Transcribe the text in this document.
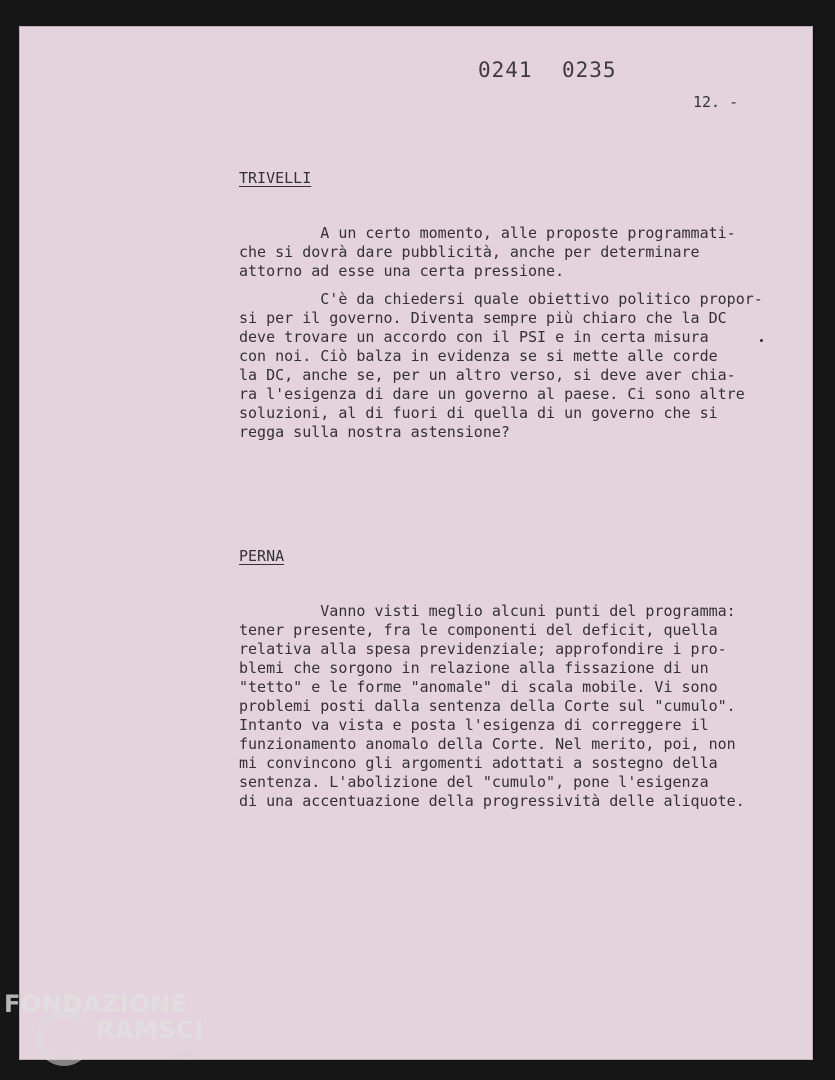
0241 0235
12. -
TRIVELLI
A un certo momento, alle proposte programmati-
che si dovrà dare pubblicità, anche per determinare
attorno ad esse una certa pressione.
C'è da chiedersi quale obiettivo politico propor-
si per il governo. Diventa sempre più chiaro che la DC
deve trovare un accordo con il PSI e in certa misura
con noi. Ciò balza in evidenza se si mette alle corde
la DC, anche se, per un altro verso, si deve aver chia-
ra l'esigenza di dare un governo al paese. Ci sono altre
soluzioni, al di fuori di quella di un governo che si
regga sulla nostra astensione?
PERNA
Vanno visti meglio alcuni punti del programma:
tener presente, fra le componenti del deficit, quella
relativa alla spesa previdenziale; approfondire i pro-
blemi che sorgono in relazione alla fissazione di un
"tetto" e le forme "anomale" di scala mobile. Vi sono
problemi posti dalla sentenza della Corte sul "cumulo".
Intanto va vista e posta l'esigenza di correggere il
funzionamento anomalo della Corte. Nel merito, poi, non
mi convincono gli argomenti adottati a sostegno della
sentenza. L'abolizione del "cumulo", pone l'esigenza
di una accentuazione della progressività delle aliquote.
FONDAZIONE
RAMSCI
onlus
